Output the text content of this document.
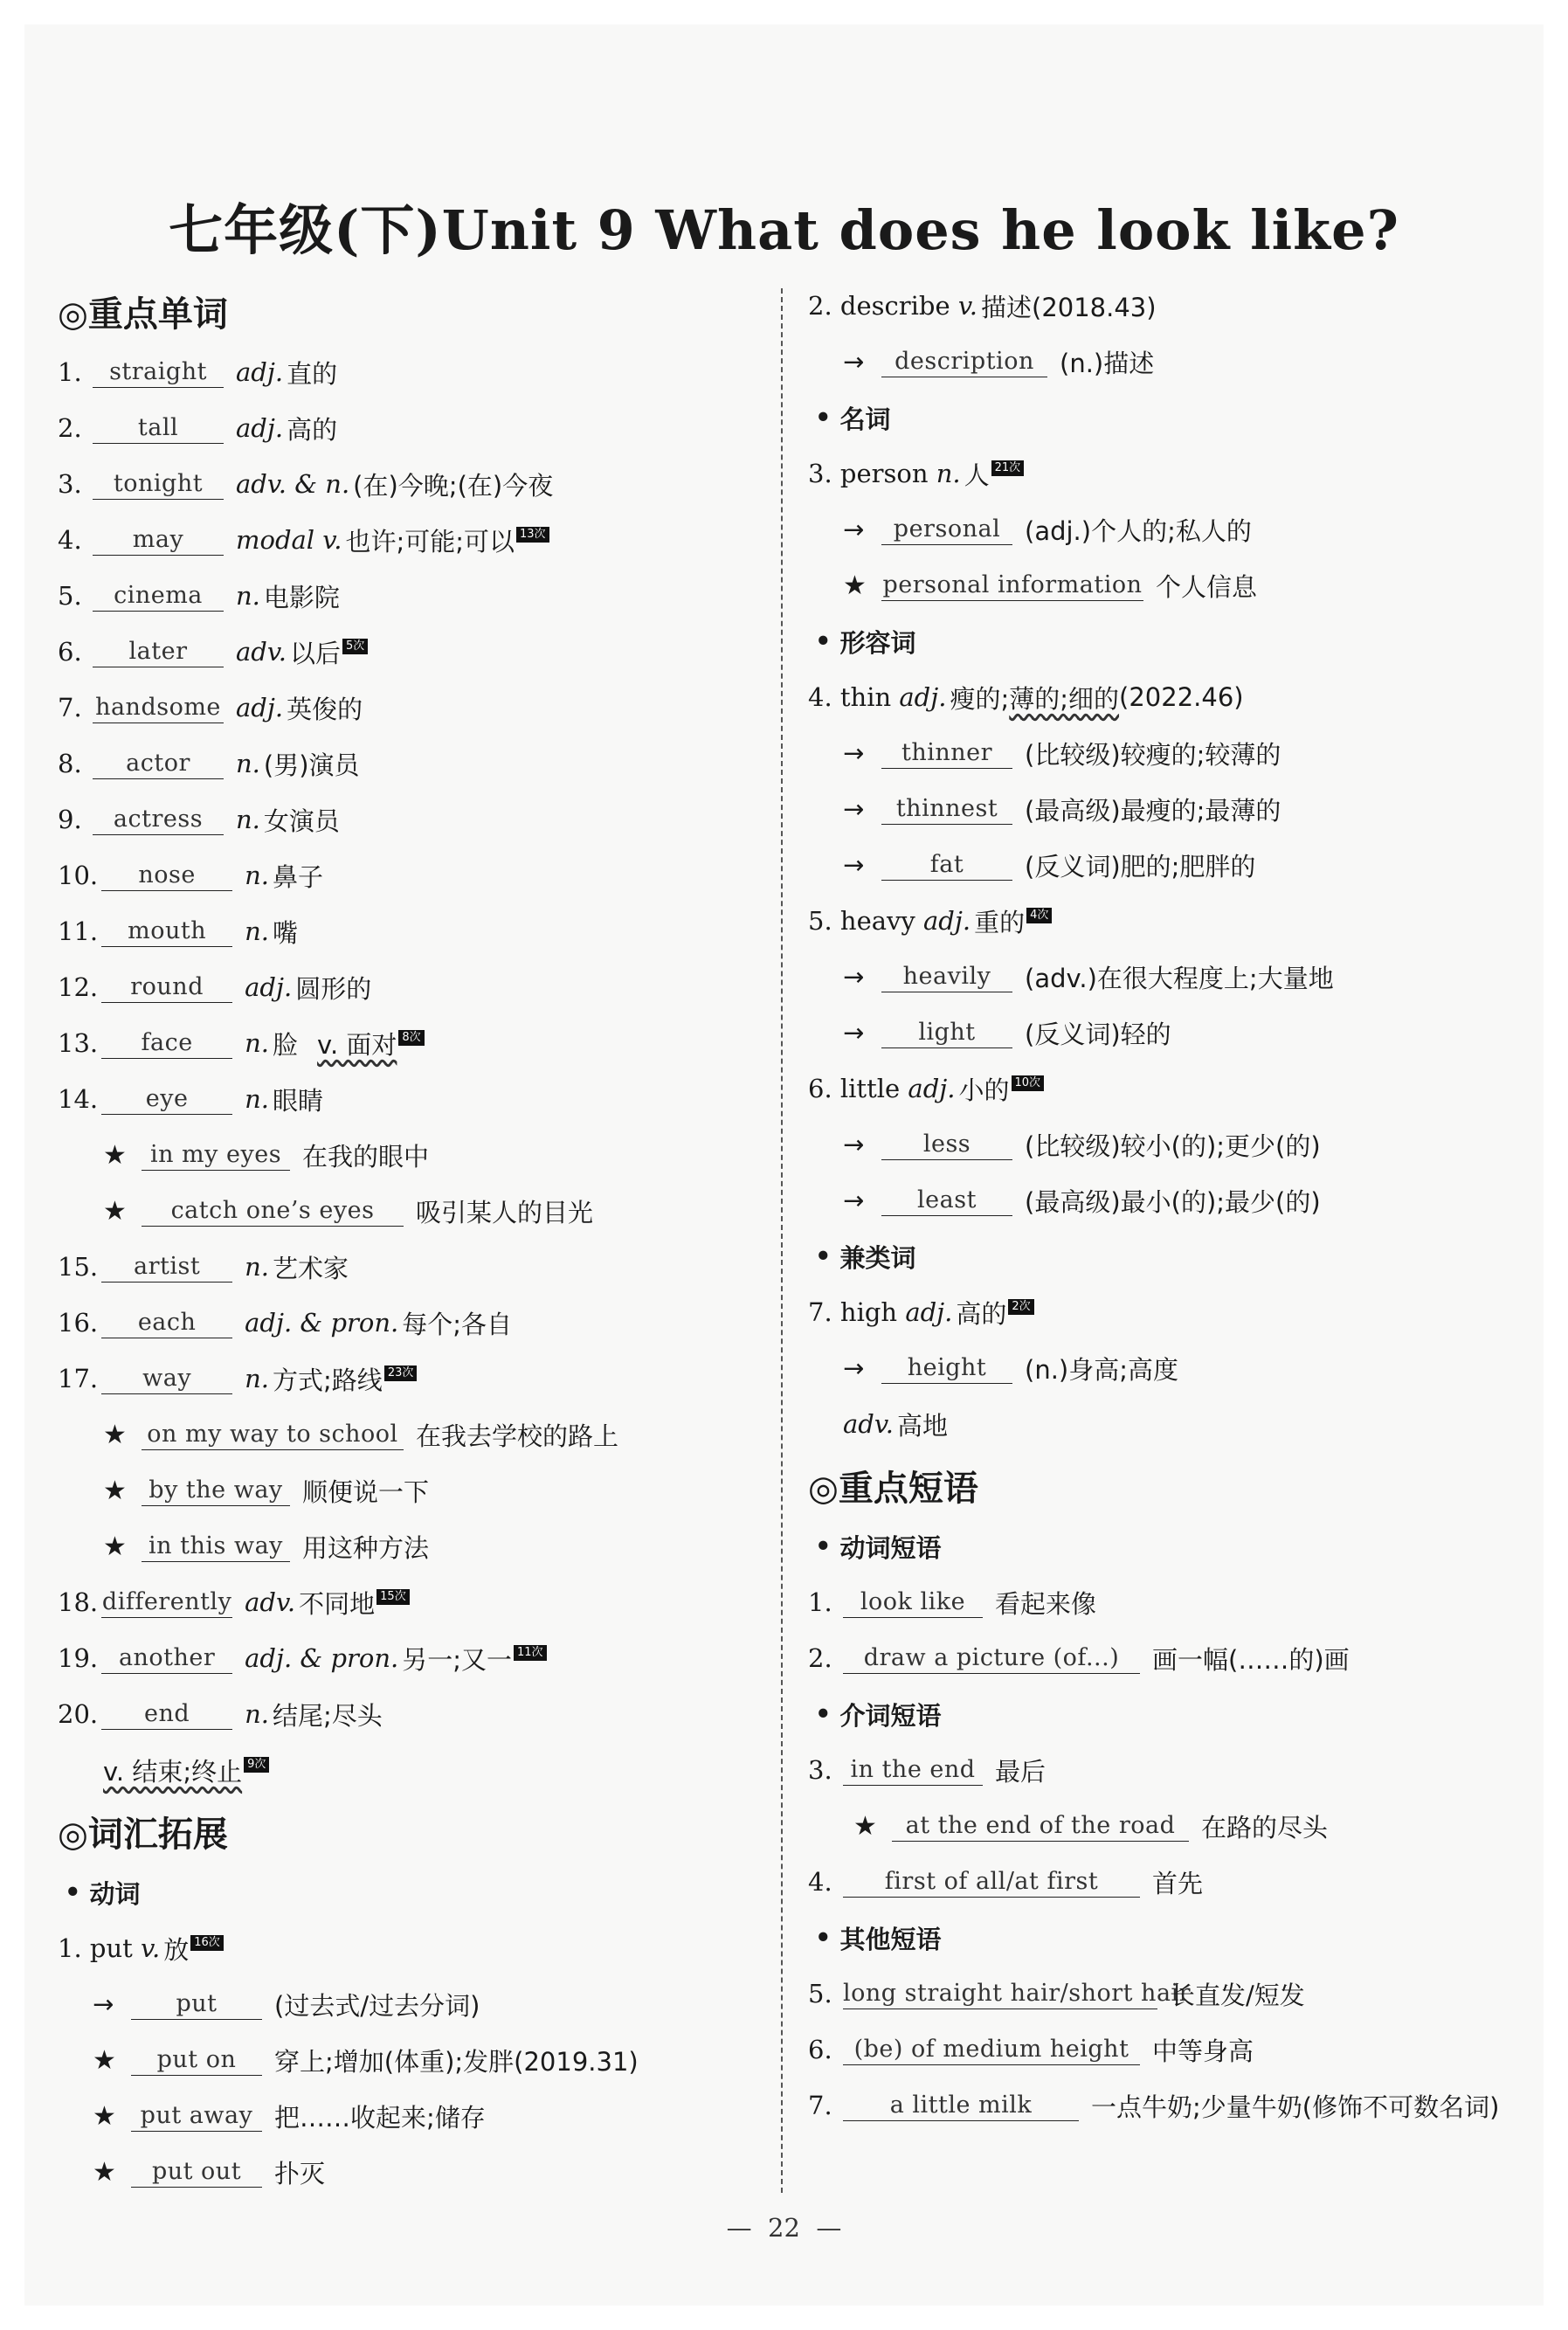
七年级(下)Unit 9 What does he look like?
◎重点单词
1.	straight	adj. 直的
2.	tall	adj. 高的
3.	tonight	adv. & n. (在)今晚;(在)今夜
4.	may	modal v. 也许;可能;可以 13次
5.	cinema	n. 电影院
6.	later	adv. 以后 5次
7. handsome adj. 英俊的
8.	actor	n. (男)演员
9.	actress	n. 女演员
10.	nose	n. 鼻子
11.	mouth	n. 嘴
12.	round	adj. 圆形的
13.	face	n. 脸 v. 面对 8次
14.	eye	n. 眼睛
★	in my eyes 在我的眼中
★	catch one’s eyes	吸引某人的目光
15.	artist	n. 艺术家
16.	each	adj. & pron. 每个;各自
17.	way	n. 方式;路线 23次
★ on my way to school 在我去学校的路上
★ by the way 顺便说一下
★ in this way 用这种方法
18. differently adv. 不同地 15次
19. another	adj. & pron. 另一;又一 11次
20.	end	n. 结尾;尽头
v. 结束;终止 9次
◎词汇拓展
• 动词
1. put
v. 放 16次
→	put	(过去式/过去分词)
★	put on	穿上;增加(体重);发胖(2019.31)
★	put away 把……收起来;储存
★	put out	扑灭
2. describe
v. 描述(2018.43)
→	description	(n.)描述
• 名词
3. person
n. 人 21次
→	personal (adj.)个人的;私人的
★ personal information 个人信息
• 形容词
4. thin
adj. 瘦的; 薄的;细的 (2022.46)
→	thinner	(比较级)较瘦的;较薄的
→	thinnest	(最高级)最瘦的;最薄的
→	fat	(反义词)肥的;肥胖的
5. heavy
adj. 重的 4次
→	heavily	(adv.)在很大程度上;大量地
→	light	(反义词)轻的
6. little
adj. 小的 10次
→	less	(比较级)较小(的);更少(的)
→	least	(最高级)最小(的);最少(的)
• 兼类词
7. high
adj. 高的 2次
→	height	(n.)身高;高度
adv. 高地
◎重点短语
• 动词短语
1.	look like	看起来像
2.	draw a picture (of...)	画一幅(……的)画
• 介词短语
3. in the end 最后
★	at the end of the road	在路的尽头
4.	first of all/at first	首先
• 其他短语
5. long straight hair/short hair
长直发/短发
6. (be) of medium height 中等身高
7.	a little milk	一点牛奶;少量牛奶(修饰不可数名词)
— 22 —
